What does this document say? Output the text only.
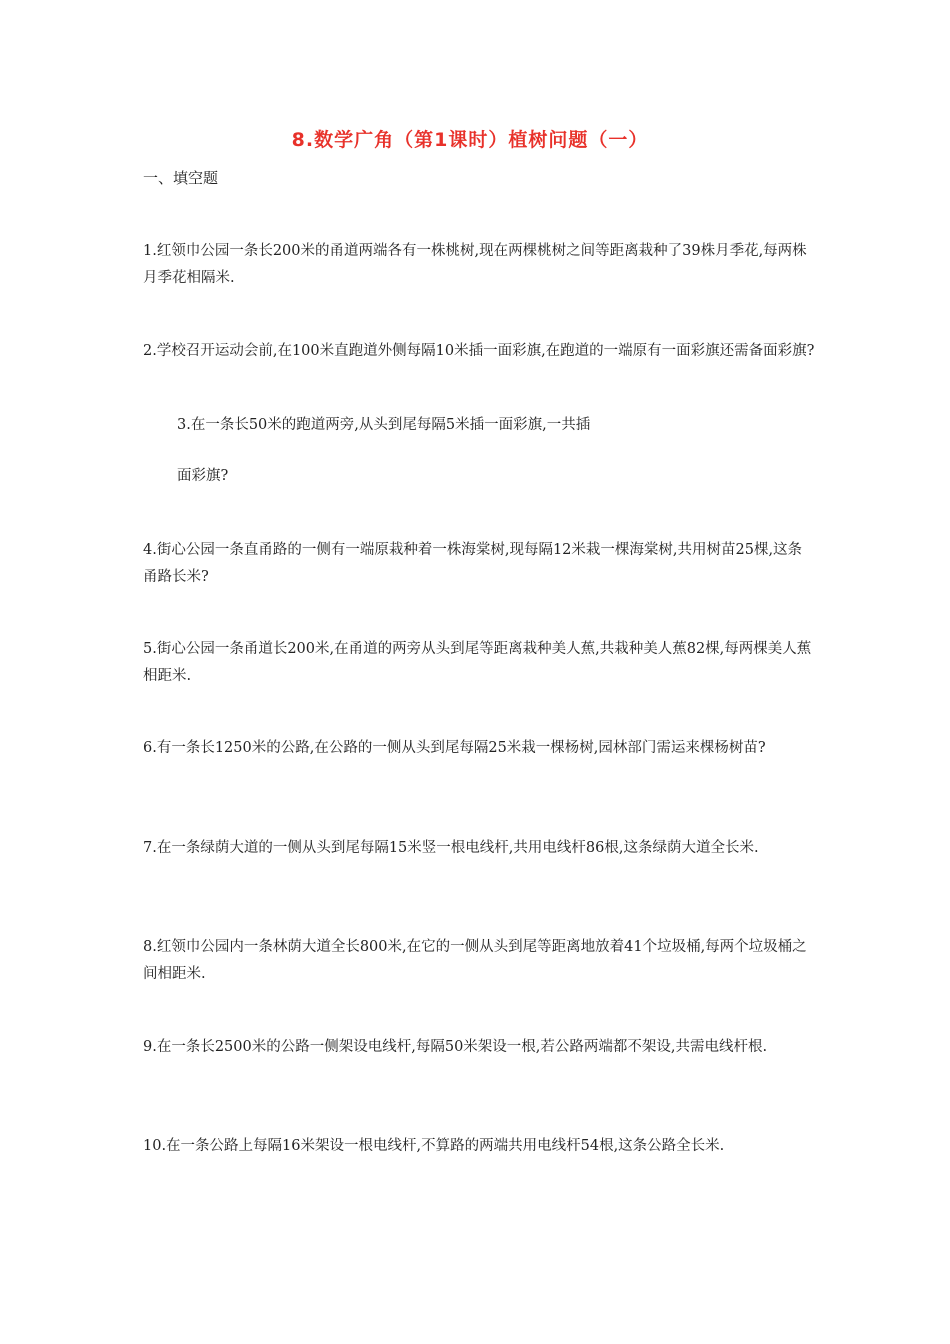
8.数学广角（第1课时）植树问题（一）
一、填空题
1.红领巾公园一条长200米的甬道两端各有一株桃树,现在两棵桃树之间等距离栽种了39株月季花,每两株月季花相隔米.
2.学校召开运动会前,在100米直跑道外侧每隔10米插一面彩旗,在跑道的一端原有一面彩旗还需备面彩旗?
3.在一条长50米的跑道两旁,从头到尾每隔5米插一面彩旗,一共插
面彩旗?
4.街心公园一条直甬路的一侧有一端原栽种着一株海棠树,现每隔12米栽一棵海棠树,共用树苗25棵,这条甬路长米?
5.街心公园一条甬道长200米,在甬道的两旁从头到尾等距离栽种美人蕉,共栽种美人蕉82棵,每两棵美人蕉相距米.
6.有一条长1250米的公路,在公路的一侧从头到尾每隔25米栽一棵杨树,园林部门需运来棵杨树苗?
7.在一条绿荫大道的一侧从头到尾每隔15米竖一根电线杆,共用电线杆86根,这条绿荫大道全长米.
8.红领巾公园内一条林荫大道全长800米,在它的一侧从头到尾等距离地放着41个垃圾桶,每两个垃圾桶之间相距米.
9.在一条长2500米的公路一侧架设电线杆,每隔50米架设一根,若公路两端都不架设,共需电线杆根.
10.在一条公路上每隔16米架设一根电线杆,不算路的两端共用电线杆54根,这条公路全长米.
